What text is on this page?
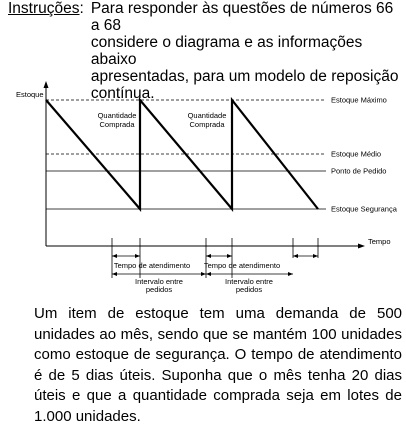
Instruções: Para responder às questões de números 66 a 68
considere o diagrama e as informações abaixo
apresentadas, para um modelo de reposição
contínua.
Estoque
Tempo
Estoque Máximo
Estoque Médio
Ponto de Pedido
Estoque Segurança
Quantidade
Comprada
Quantidade
Comprada
Tempo de atendimento Tempo de atendimento
Intervalo entre
pedidos
Intervalo entre
pedidos
Um item de estoque tem uma demanda de 500 unidades ao mês, sendo que se mantém 100 unidades como estoque de segurança. O tempo de atendimento é de 5 dias úteis. Suponha que o mês tenha 20 dias úteis e que a quantidade comprada seja em lotes de 1.000 unidades.
